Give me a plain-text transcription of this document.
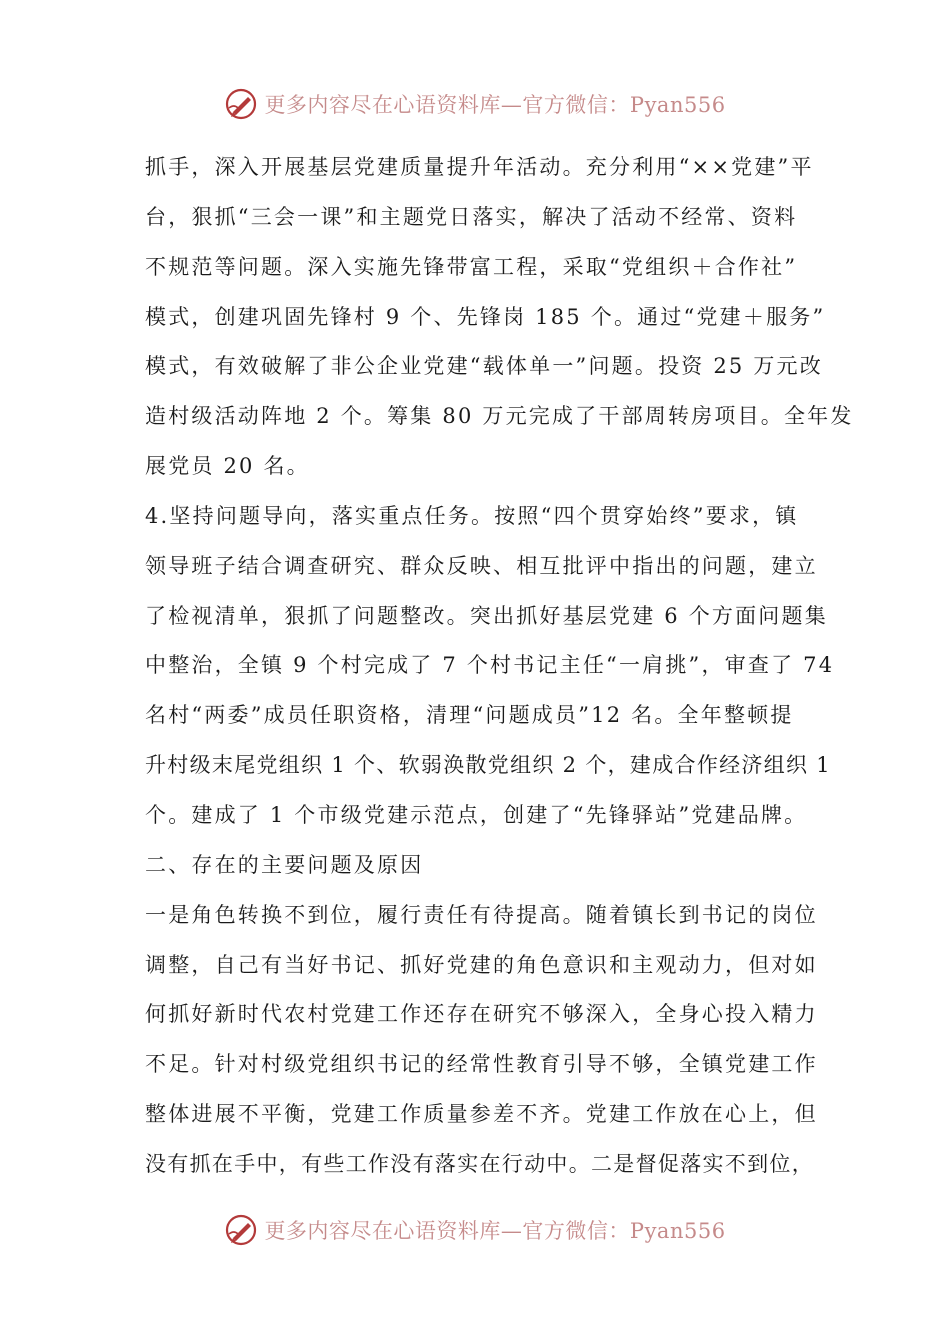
更多内容尽在心语资料库—官方微信：Pyan556
抓手，深入开展基层党建质量提升年活动。充分利用“××党建”平
台，狠抓“三会一课”和主题党日落实，解决了活动不经常、资料
不规范等问题。深入实施先锋带富工程，采取“党组织＋合作社”
模式，创建巩固先锋村 9 个、先锋岗 185 个。通过“党建＋服务”
模式，有效破解了非公企业党建“载体单一”问题。投资 25 万元改
造村级活动阵地 2 个。筹集 80 万元完成了干部周转房项目。全年发
展党员 20 名。
4.坚持问题导向，落实重点任务。按照“四个贯穿始终”要求，镇
领导班子结合调查研究、群众反映、相互批评中指出的问题，建立
了检视清单，狠抓了问题整改。突出抓好基层党建 6 个方面问题集
中整治，全镇 9 个村完成了 7 个村书记主任“一肩挑”，审查了 74
名村“两委”成员任职资格，清理“问题成员”12 名。全年整顿提
升村级末尾党组织 1 个、软弱涣散党组织 2 个，建成合作经济组织 1
个。建成了 1 个市级党建示范点，创建了“先锋驿站”党建品牌。
二、存在的主要问题及原因
一是角色转换不到位，履行责任有待提高。随着镇长到书记的岗位
调整，自己有当好书记、抓好党建的角色意识和主观动力，但对如
何抓好新时代农村党建工作还存在研究不够深入，全身心投入精力
不足。针对村级党组织书记的经常性教育引导不够，全镇党建工作
整体进展不平衡，党建工作质量参差不齐。党建工作放在心上，但
没有抓在手中，有些工作没有落实在行动中。二是督促落实不到位，
更多内容尽在心语资料库—官方微信：Pyan556
